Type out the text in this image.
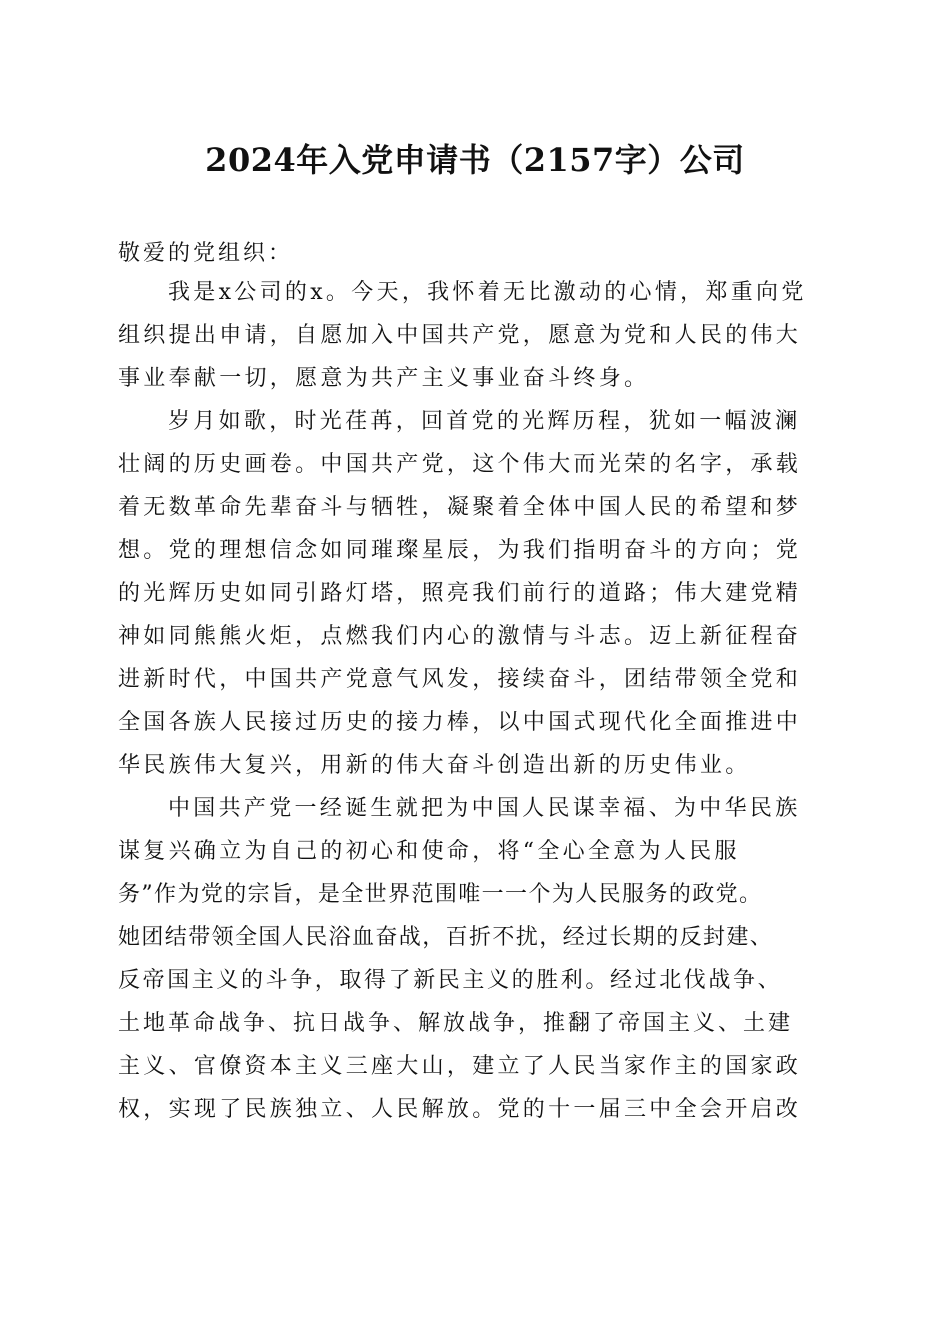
2024年入党申请书（2157字）公司

敬爱的党组织：

我是x公司的x。今天，我怀着无比激动的心情，郑重向党
组织提出申请，自愿加入中国共产党，愿意为党和人民的伟大
事业奉献一切，愿意为共产主义事业奋斗终身。
岁月如歌，时光荏苒，回首党的光辉历程，犹如一幅波澜
壮阔的历史画卷。中国共产党，这个伟大而光荣的名字，承载
着无数革命先辈奋斗与牺牲，凝聚着全体中国人民的希望和梦
想。党的理想信念如同璀璨星辰，为我们指明奋斗的方向；党
的光辉历史如同引路灯塔，照亮我们前行的道路；伟大建党精
神如同熊熊火炬，点燃我们内心的激情与斗志。迈上新征程奋
进新时代，中国共产党意气风发，接续奋斗，团结带领全党和
全国各族人民接过历史的接力棒，以中国式现代化全面推进中
华民族伟大复兴，用新的伟大奋斗创造出新的历史伟业。
中国共产党一经诞生就把为中国人民谋幸福、为中华民族
谋复兴确立为自己的初心和使命，将“全心全意为人民服
务”作为党的宗旨，是全世界范围唯一一个为人民服务的政党。
她团结带领全国人民浴血奋战，百折不扰，经过长期的反封建、
反帝国主义的斗争，取得了新民主义的胜利。经过北伐战争、
土地革命战争、抗日战争、解放战争，推翻了帝国主义、土建
主义、官僚资本主义三座大山，建立了人民当家作主的国家政
权，实现了民族独立、人民解放。党的十一届三中全会开启改
